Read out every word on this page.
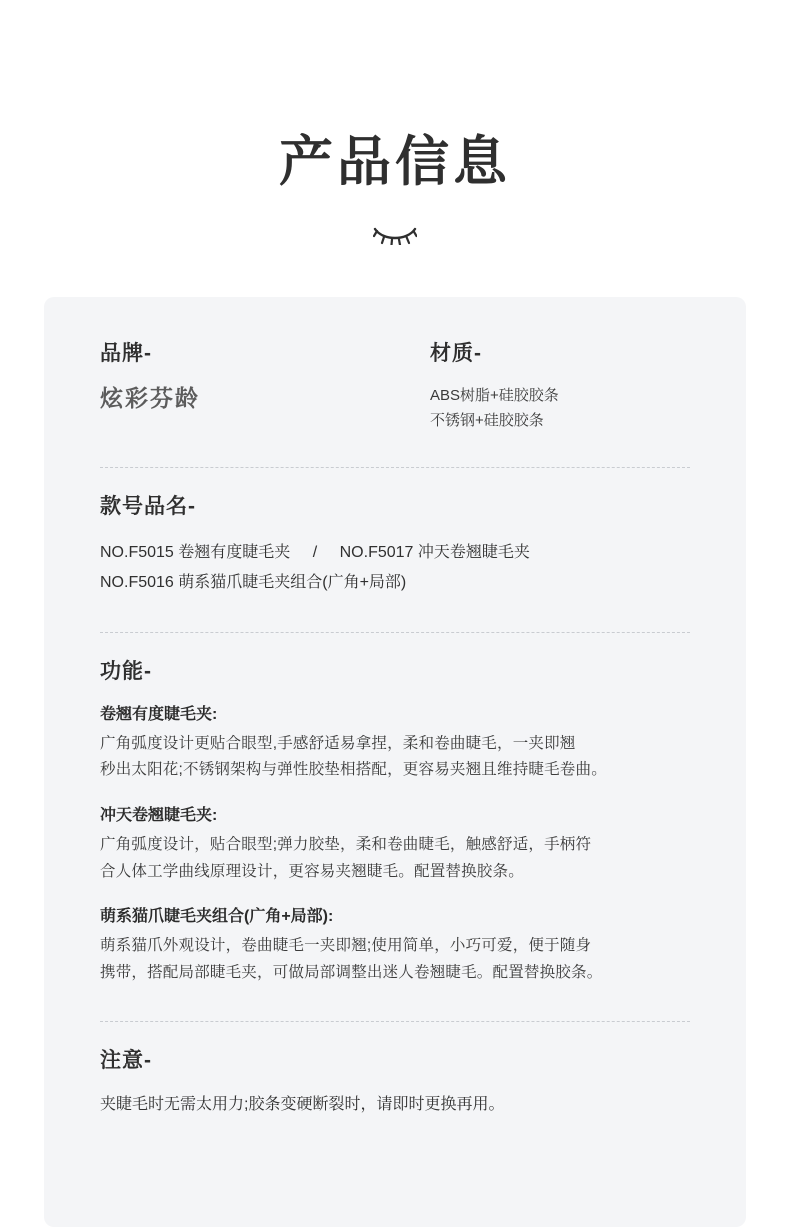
产品信息
品牌-
炫彩芬龄
材质-
ABS树脂+硅胶胶条
不锈钢+硅胶胶条
款号品名-
NO.F5015 卷翘有度睫毛夹 / NO.F5017 冲天卷翘睫毛夹
NO.F5016 萌系猫爪睫毛夹组合(广角+局部)
功能-
卷翘有度睫毛夹:
广角弧度设计更贴合眼型,手感舒适易拿捏，柔和卷曲睫毛，一夹即翘
秒出太阳花;不锈钢架构与弹性胶垫相搭配，更容易夹翘且维持睫毛卷曲。
冲天卷翘睫毛夹:
广角弧度设计，贴合眼型;弹力胶垫，柔和卷曲睫毛，触感舒适，手柄符
合人体工学曲线原理设计，更容易夹翘睫毛。配置替换胶条。
萌系猫爪睫毛夹组合(广角+局部):
萌系猫爪外观设计，卷曲睫毛一夹即翘;使用简单，小巧可爱，便于随身
携带，搭配局部睫毛夹，可做局部调整出迷人卷翘睫毛。配置替换胶条。
注意-
夹睫毛时无需太用力;胶条变硬断裂时，请即时更换再用。
